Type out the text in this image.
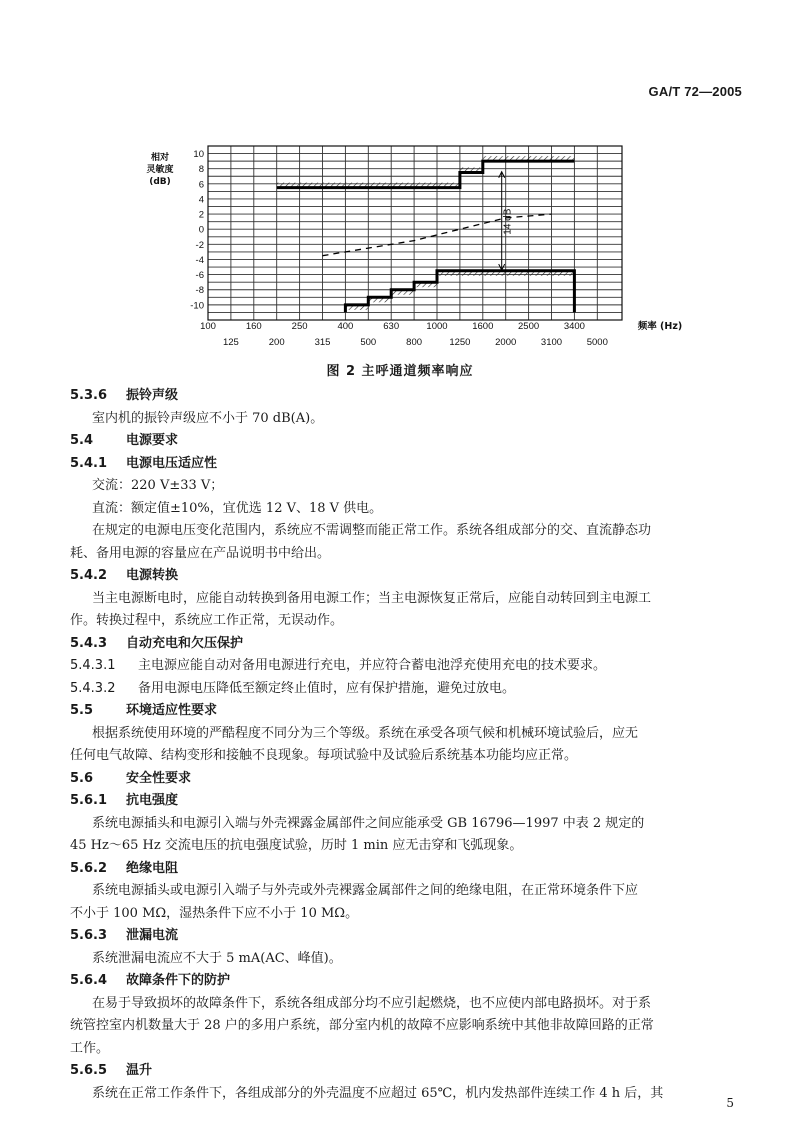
GA/T 72—2005
10
8
6
4
2
0
-2
-4
-6
-8
-10
相对
灵敏度
(dB)
100	160	250	400	630	1000	1600	2500	3400
125	200	315	500	800	1250	2000	3100	5000
频率 (Hz)
14 dB
图 2 主呼通道频率响应
5.3.6 振铃声级
室内机的振铃声级应不小于 70 dB(A)。
5.4	电源要求
5.4.1 电源电压适应性
交流：220 V±33 V；
直流：额定值±10%，宜优选 12 V、18 V 供电。
在规定的电源电压变化范围内，系统应不需调整而能正常工作。系统各组成部分的交、直流静态功
耗、备用电源的容量应在产品说明书中给出。
5.4.2 电源转换
当主电源断电时，应能自动转换到备用电源工作；当主电源恢复正常后，应能自动转回到主电源工
作。转换过程中，系统应工作正常，无误动作。
5.4.3 自动充电和欠压保护
5.4.3.1 主电源应能自动对备用电源进行充电，并应符合蓄电池浮充使用充电的技术要求。
5.4.3.2 备用电源电压降低至额定终止值时，应有保护措施，避免过放电。
5.5	环境适应性要求
根据系统使用环境的严酷程度不同分为三个等级。系统在承受各项气候和机械环境试验后，应无
任何电气故障、结构变形和接触不良现象。每项试验中及试验后系统基本功能均应正常。
5.6	安全性要求
5.6.1 抗电强度
系统电源插头和电源引入端与外壳裸露金属部件之间应能承受 GB 16796—1997 中表 2 规定的
45 Hz～65 Hz 交流电压的抗电强度试验，历时 1 min 应无击穿和飞弧现象。
5.6.2 绝缘电阻
系统电源插头或电源引入端子与外壳或外壳裸露金属部件之间的绝缘电阻，在正常环境条件下应
不小于 100 MΩ，湿热条件下应不小于 10 MΩ。
5.6.3 泄漏电流
系统泄漏电流应不大于 5 mA(AC、峰值)。
5.6.4 故障条件下的防护
在易于导致损坏的故障条件下，系统各组成部分均不应引起燃烧，也不应使内部电路损坏。对于系
统管控室内机数量大于 28 户的多用户系统，部分室内机的故障不应影响系统中其他非故障回路的正常
工作。
5.6.5 温升
系统在正常工作条件下，各组成部分的外壳温度不应超过 65℃，机内发热部件连续工作 4 h 后，其
5
